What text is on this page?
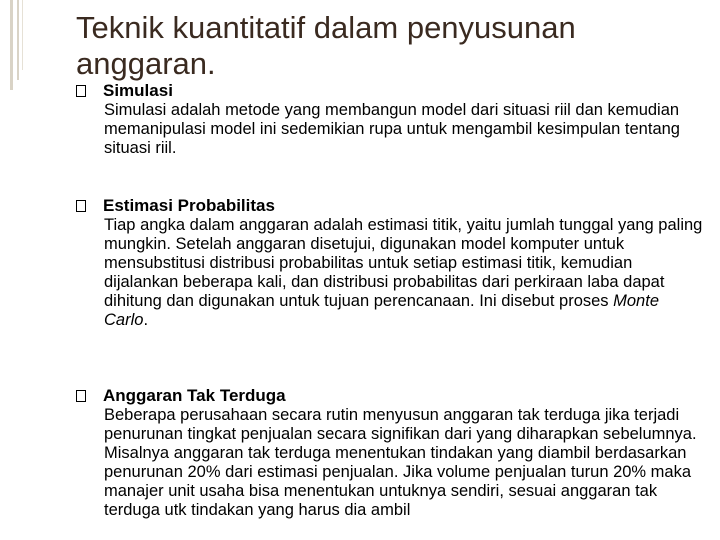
Teknik kuantitatif dalam penyusunan anggaran.
Simulasi

Simulasi adalah metode yang membangun model dari situasi riil dan kemudian memanipulasi model ini sedemikian rupa untuk mengambil kesimpulan tentang situasi riil.

Estimasi Probabilitas

Tiap angka dalam anggaran adalah estimasi titik, yaitu jumlah tunggal yang paling mungkin. Setelah anggaran disetujui, digunakan model komputer untuk mensubstitusi distribusi probabilitas untuk setiap estimasi titik, kemudian dijalankan beberapa kali, dan distribusi probabilitas dari perkiraan laba dapat dihitung dan digunakan untuk tujuan perencanaan. Ini disebut proses Monte Carlo.

Anggaran Tak Terduga

Beberapa perusahaan secara rutin menyusun anggaran tak terduga jika terjadi penurunan tingkat penjualan secara signifikan dari yang diharapkan sebelumnya. Misalnya anggaran tak terduga menentukan tindakan yang diambil berdasarkan penurunan 20% dari estimasi penjualan. Jika volume penjualan turun 20% maka manajer unit usaha bisa menentukan untuknya sendiri, sesuai anggaran tak terduga utk tindakan yang harus dia ambil
